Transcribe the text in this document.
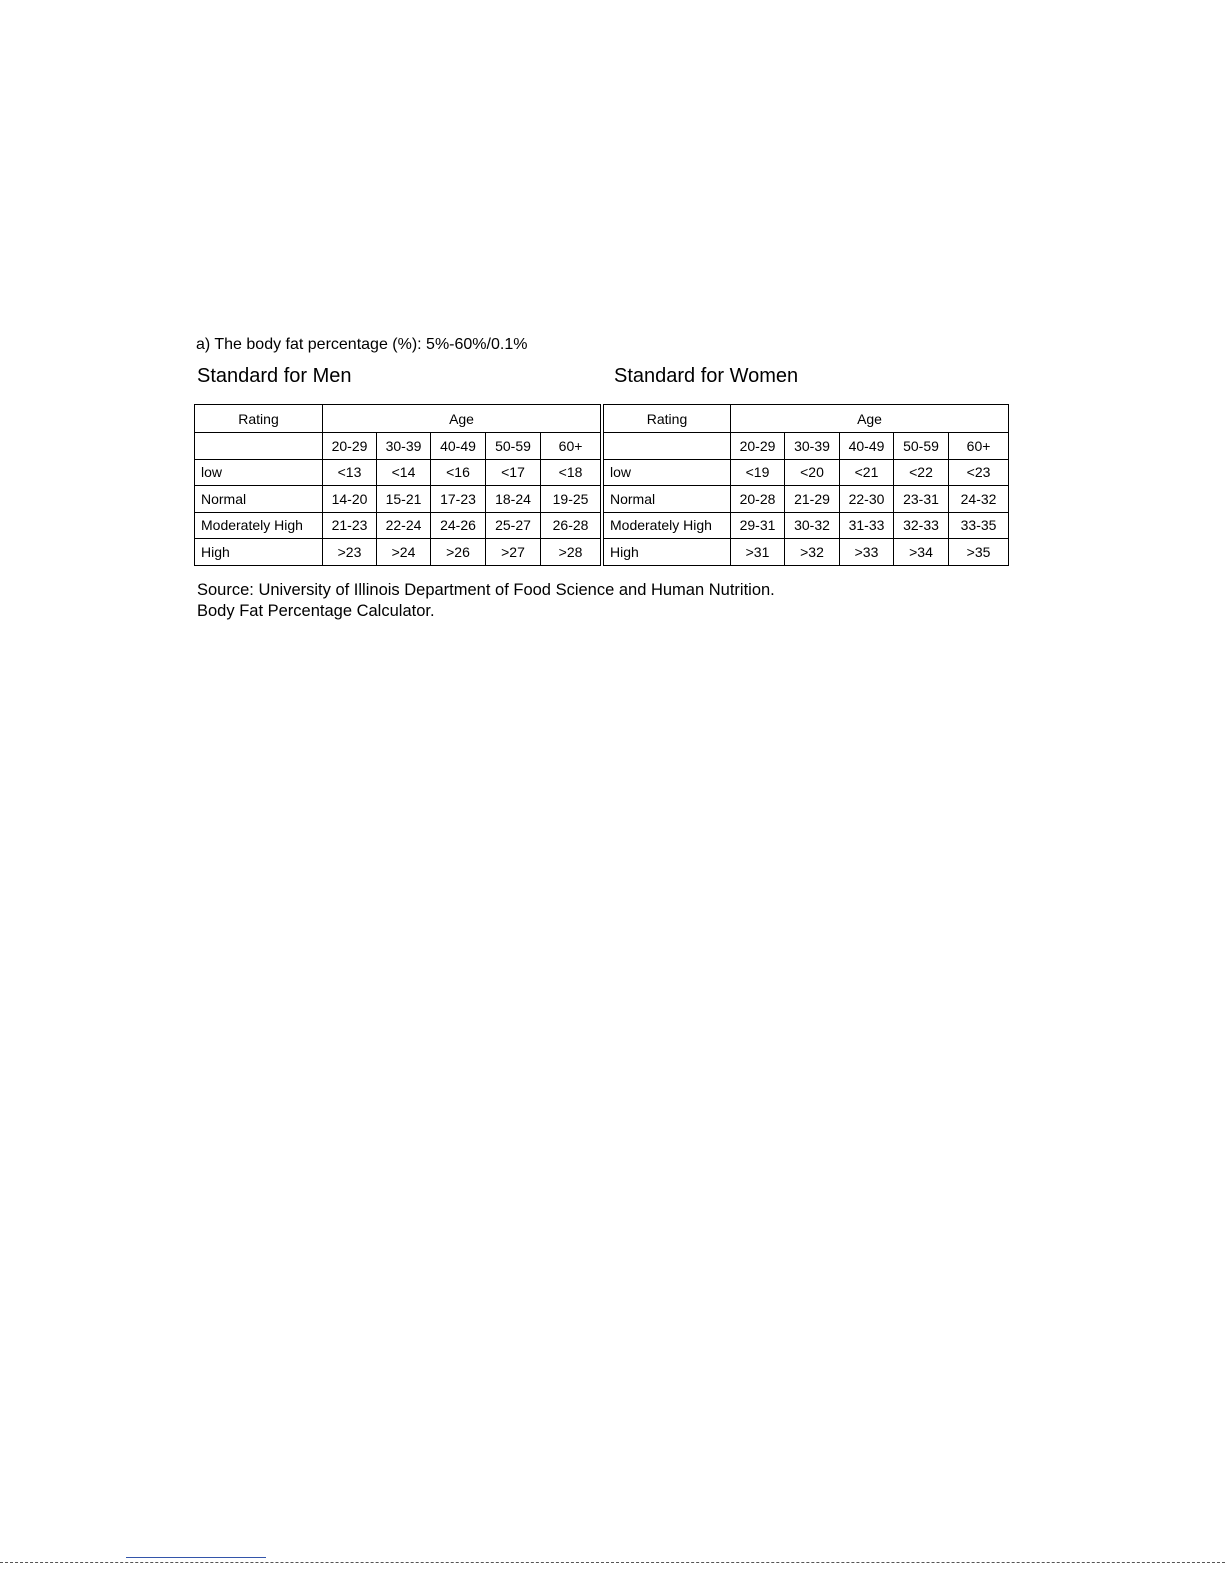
a) The body fat percentage (%): 5%-60%/0.1%
Standard for Men	Standard for Women
Rating	Age				
	20-29	30-39	40-49	50-59	60+
low	<13	<14	<16	<17	<18
Normal	14-20	15-21	17-23	18-24	19-25
Moderately High	21-23	22-24	24-26	25-27	26-28
High	>23	>24	>26	>27	>28
Rating	Age				
	20-29	30-39	40-49	50-59	60+
low	<19	<20	<21	<22	<23
Normal	20-28	21-29	22-30	23-31	24-32
Moderately High	29-31	30-32	31-33	32-33	33-35
High	>31	>32	>33	>34	>35
Source: University of Illinois Department of Food Science and Human Nutrition.
Body Fat Percentage Calculator.
